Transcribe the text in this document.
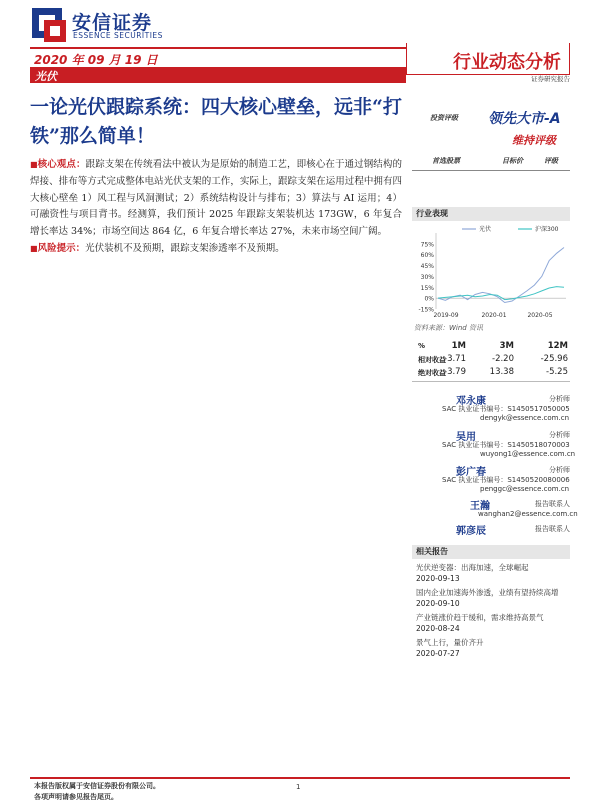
安信证券
ESSENCE SECURITIES
2020 年 09 月 19 日
光伏
行业动态分析
证券研究报告
一论光伏跟踪系统：四大核心壁垒，远非“打铁”那么简单！

■核心观点：跟踪支架在传统看法中被认为是原始的制造工艺，即核心在于通过钢结构的焊接、排布等方式完成整体电站光伏支架的工作，实际上，跟踪支架在运用过程中拥有四大核心壁垒 1）风工程与风洞测试；2）系统结构设计与排布；3）算法与 AI 运用；4）可融资性与项目背书。经测算，我们预计 2025 年跟踪支架装机达 173GW，6 年复合增长率达 34%；市场空间达 864 亿，6 年复合增长率达 27%，未来市场空间广阔。

■风险提示：光伏装机不及预期，跟踪支架渗透率不及预期。

投资评级 领先大市-A
维持评级
首选股票	目标价	评级
行业表现
75%
60%
45%
30%
15%
0%
-15%
2019-09	2020-01	2020-05
光伏	沪深300
资料来源：Wind 资讯
%	1M	3M	12M
相对收益
-3.71	-2.20	-25.96
绝对收益
-3.79	13.38	-5.25
邓永康	分析师
SAC 执业证书编号：S1450517050005
dengyk@essence.com.cn
吴用	分析师
SAC 执业证书编号：S1450518070003
wuyong1@essence.com.cn
彭广春	分析师
SAC 执业证书编号：S1450520080006
penggc@essence.com.cn
王瀚	报告联系人
wanghan2@essence.com.cn
郭彦辰	报告联系人
相关报告
光伏逆变器：出海加速，全球崛起
2020-09-13
国内企业加速海外渗透，业绩有望持续高增
2020-09-10
产业链涨价趋于缓和，需求维持高景气
2020-08-24
景气上行，量价齐升
2020-07-27
本报告版权属于安信证券股份有限公司。
各项声明请参见报告尾页。
1
